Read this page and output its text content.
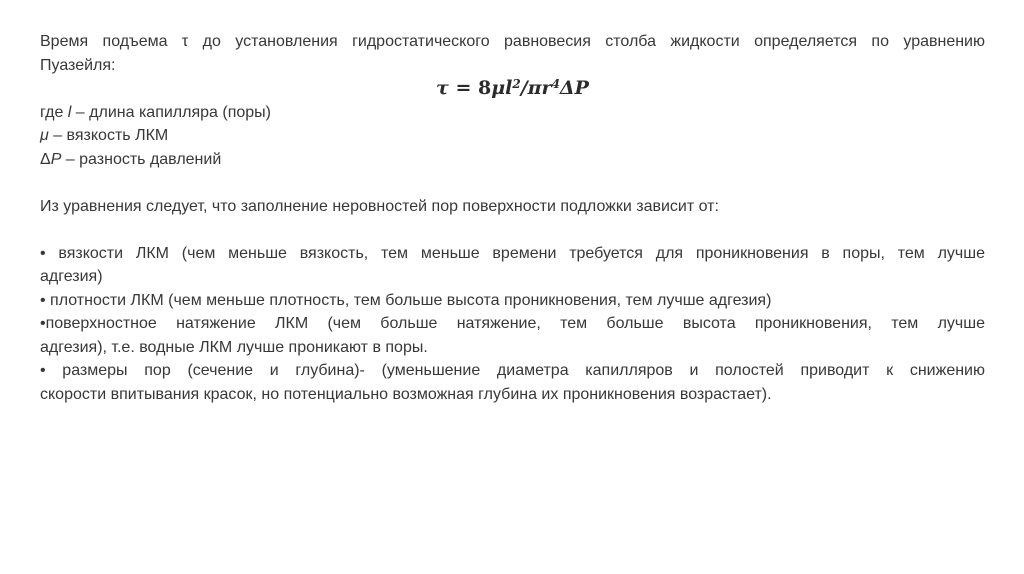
Время подъема τ до установления гидростатического равновесия столба жидкости определяется по уравнению
Пуазейля:
$\tau = 8\mu l^2/\pi r^4\Delta P$
где l – длина капилляра (поры)
μ – вязкость ЛКМ
ΔP – разность давлений
Из уравнения следует, что заполнение неровностей пор поверхности подложки зависит от:
• вязкости ЛКМ (чем меньше вязкость, тем меньше времени требуется для проникновения в поры, тем лучше
адгезия)
• плотности ЛКМ (чем меньше плотность, тем больше высота проникновения, тем лучше адгезия)
•поверхностное натяжение ЛКМ (чем больше натяжение, тем больше высота проникновения, тем лучше
адгезия), т.е. водные ЛКМ лучше проникают в поры.
• размеры пор (сечение и глубина)- (уменьшение диаметра капилляров и полостей приводит к снижению
скорости впитывания красок, но потенциально возможная глубина их проникновения возрастает).
